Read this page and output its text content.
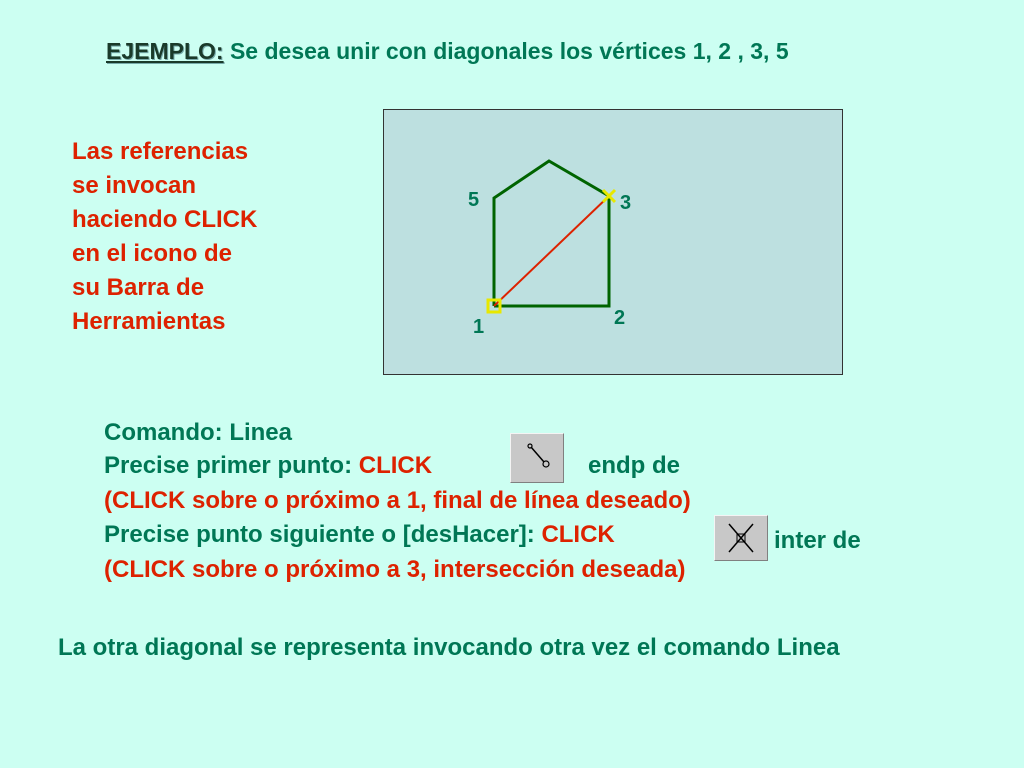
EJEMPLO: Se desea unir con diagonales los vértices 1, 2 , 3, 5
Las referencias
se invocan
haciendo CLICK
en el icono de
su Barra de
Herramientas
5	3
2
1
Comando: Linea
Precise primer punto: CLICK	endp de
(CLICK sobre o próximo a 1, final de línea deseado)
Precise punto siguiente o [desHacer]: CLICK	inter de
(CLICK sobre o próximo a 3, intersección deseada)
La otra diagonal se representa invocando otra vez el comando Linea
